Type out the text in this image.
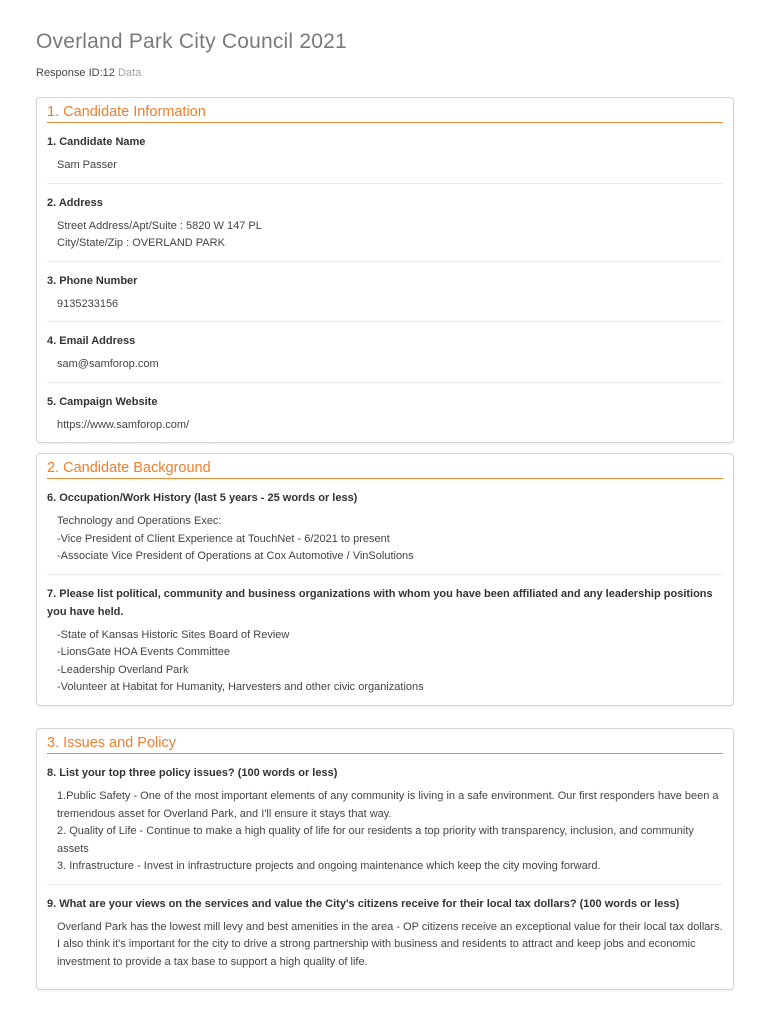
Overland Park City Council 2021
Response ID:12 Data
1. Candidate Information
1. Candidate Name
Sam Passer
2. Address
Street Address/Apt/Suite : 5820 W 147 PL
City/State/Zip : OVERLAND PARK
3. Phone Number
9135233156
4. Email Address
sam@samforop.com
5. Campaign Website
https://www.samforop.com/
2. Candidate Background
6. Occupation/Work History (last 5 years - 25 words or less)
Technology and Operations Exec:
-Vice President of Client Experience at TouchNet - 6/2021 to present
-Associate Vice President of Operations at Cox Automotive / VinSolutions
7. Please list political, community and business organizations with whom you have been affiliated and any leadership positions you have held.
-State of Kansas Historic Sites Board of Review
-LionsGate HOA Events Committee
-Leadership Overland Park
-Volunteer at Habitat for Humanity, Harvesters and other civic organizations
3. Issues and Policy
8. List your top three policy issues? (100 words or less)
1.Public Safety - One of the most important elements of any community is living in a safe environment. Our first responders have been a tremendous asset for Overland Park, and I'll ensure it stays that way.
2. Quality of Life - Continue to make a high quality of life for our residents a top priority with transparency, inclusion, and community assets
3. Infrastructure - Invest in infrastructure projects and ongoing maintenance which keep the city moving forward.
9. What are your views on the services and value the City's citizens receive for their local tax dollars? (100 words or less)
Overland Park has the lowest mill levy and best amenities in the area - OP citizens receive an exceptional value for their local tax dollars. I also think it's important for the city to drive a strong partnership with business and residents to attract and keep jobs and economic investment to provide a tax base to support a high quality of life.
